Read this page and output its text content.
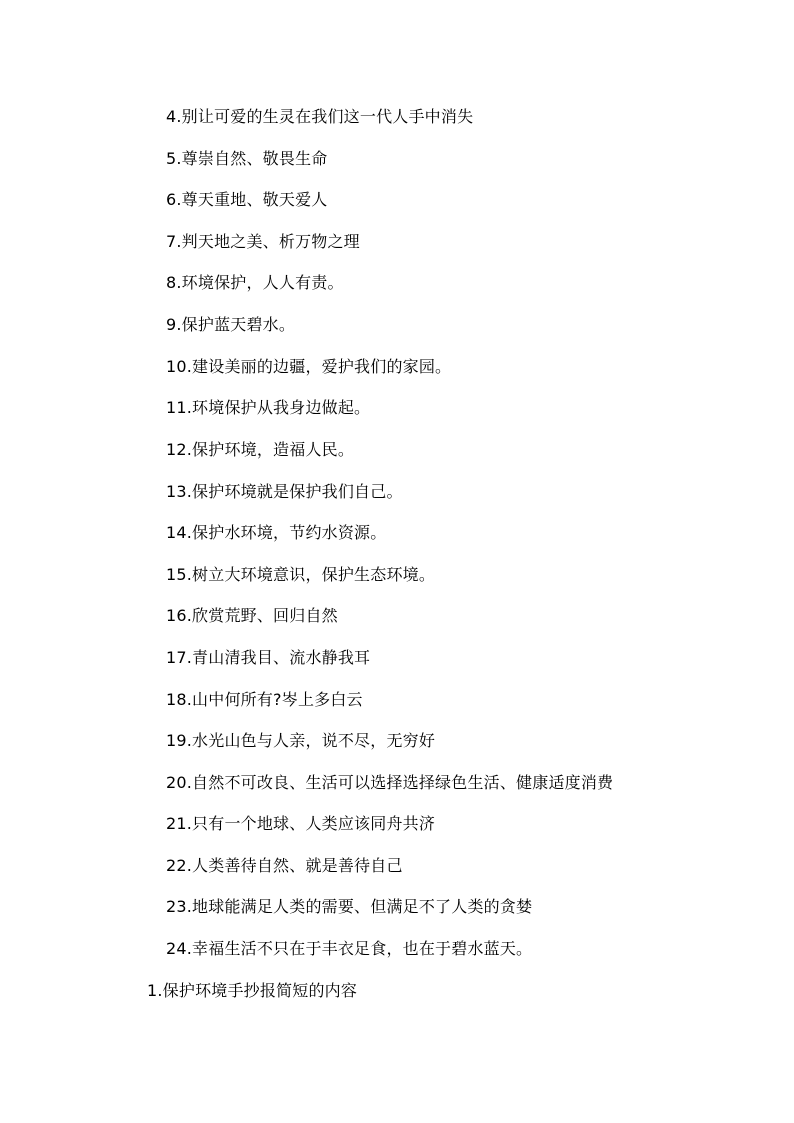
4.别让可爱的生灵在我们这一代人手中消失
5.尊崇自然、敬畏生命
6.尊天重地、敬天爱人
7.判天地之美、析万物之理
8.环境保护，人人有责。
9.保护蓝天碧水。
10.建设美丽的边疆，爱护我们的家园。
11.环境保护从我身边做起。
12.保护环境，造福人民。
13.保护环境就是保护我们自己。
14.保护水环境，节约水资源。
15.树立大环境意识，保护生态环境。
16.欣赏荒野、回归自然
17.青山清我目、流水静我耳
18.山中何所有?岑上多白云
19.水光山色与人亲，说不尽，无穷好
20.自然不可改良、生活可以选择选择绿色生活、健康适度消费
21.只有一个地球、人类应该同舟共济
22.人类善待自然、就是善待自己
23.地球能满足人类的需要、但满足不了人类的贪婪
24.幸福生活不只在于丰衣足食，也在于碧水蓝天。
1.保护环境手抄报简短的内容
